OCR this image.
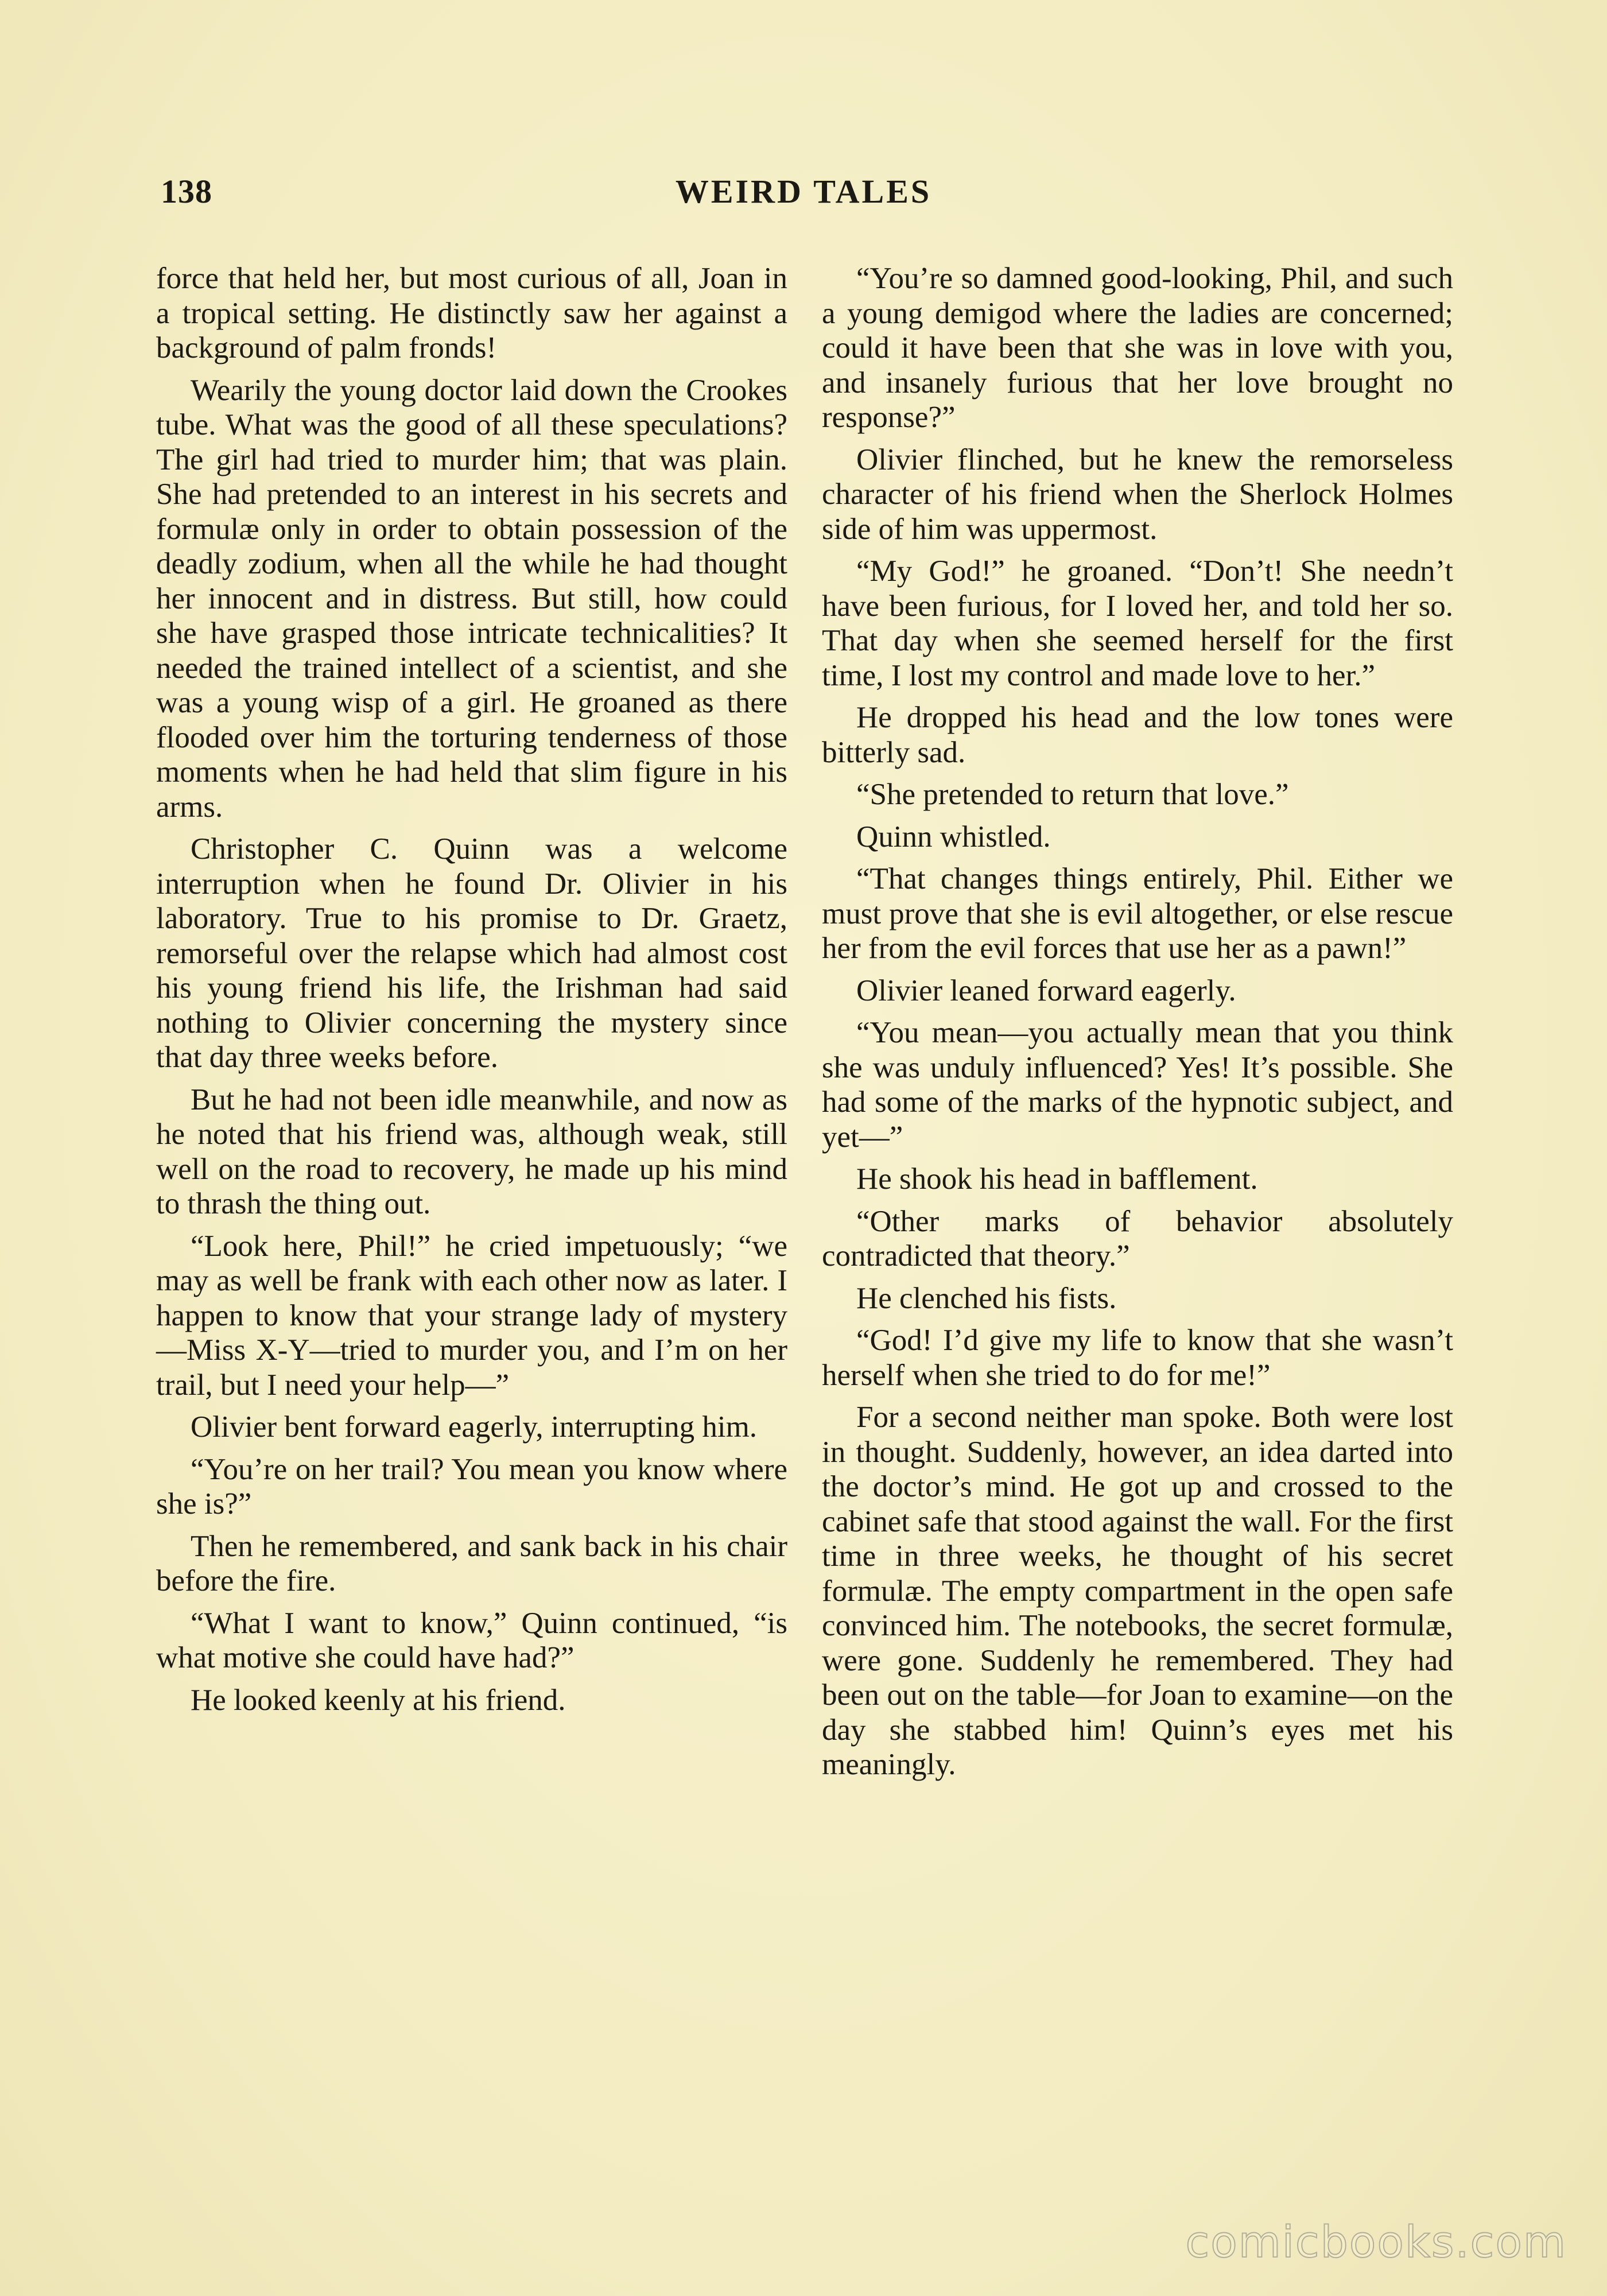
138	WEIRD TALES

force that held her, but most curious of all, Joan in a tropical setting. He distinctly saw her against a background of palm fronds!

Wearily the young doctor laid down the Crookes tube. What was the good of all these speculations? The girl had tried to murder him; that was plain. She had pretended to an interest in his secrets and formulæ only in order to obtain possession of the deadly zodium, when all the while he had thought her innocent and in distress. But still, how could she have grasped those intricate technicalities? It needed the trained intellect of a scientist, and she was a young wisp of a girl. He groaned as there flooded over him the torturing tenderness of those moments when he had held that slim figure in his arms.

Christopher C. Quinn was a welcome interruption when he found Dr. Olivier in his laboratory. True to his promise to Dr. Graetz, remorseful over the relapse which had almost cost his young friend his life, the Irishman had said nothing to Olivier concerning the mystery since that day three weeks before.

But he had not been idle meanwhile, and now as he noted that his friend was, although weak, still well on the road to recovery, he made up his mind to thrash the thing out.

“Look here, Phil!” he cried impetuously; “we may as well be frank with each other now as later. I happen to know that your strange lady of mystery—Miss X-Y—tried to murder you, and I’m on her trail, but I need your help—”

Olivier bent forward eagerly, interrupting him.

“You’re on her trail? You mean you know where she is?”

Then he remembered, and sank back in his chair before the fire.

“What I want to know,” Quinn continued, “is what motive she could have had?”

He looked keenly at his friend.

“You’re so damned good-looking, Phil, and such a young demigod where the ladies are concerned; could it have been that she was in love with you, and insanely furious that her love brought no response?”

Olivier flinched, but he knew the remorseless character of his friend when the Sherlock Holmes side of him was uppermost.

“My God!” he groaned. “Don’t! She needn’t have been furious, for I loved her, and told her so. That day when she seemed herself for the first time, I lost my control and made love to her.”

He dropped his head and the low tones were bitterly sad.

“She pretended to return that love.”

Quinn whistled.

“That changes things entirely, Phil. Either we must prove that she is evil altogether, or else rescue her from the evil forces that use her as a pawn!”

Olivier leaned forward eagerly.

“You mean—you actually mean that you think she was unduly influenced? Yes! It’s possible. She had some of the marks of the hypnotic subject, and yet—”

He shook his head in bafflement.

“Other marks of behavior absolutely contradicted that theory.”

He clenched his fists.

“God! I’d give my life to know that she wasn’t herself when she tried to do for me!”

For a second neither man spoke. Both were lost in thought. Suddenly, however, an idea darted into the doctor’s mind. He got up and crossed to the cabinet safe that stood against the wall. For the first time in three weeks, he thought of his secret formulæ. The empty compartment in the open safe convinced him. The notebooks, the secret formulæ, were gone. Suddenly he remembered. They had been out on the table—for Joan to examine—on the day she stabbed him! Quinn’s eyes met his meaningly.

comicbooks.com
